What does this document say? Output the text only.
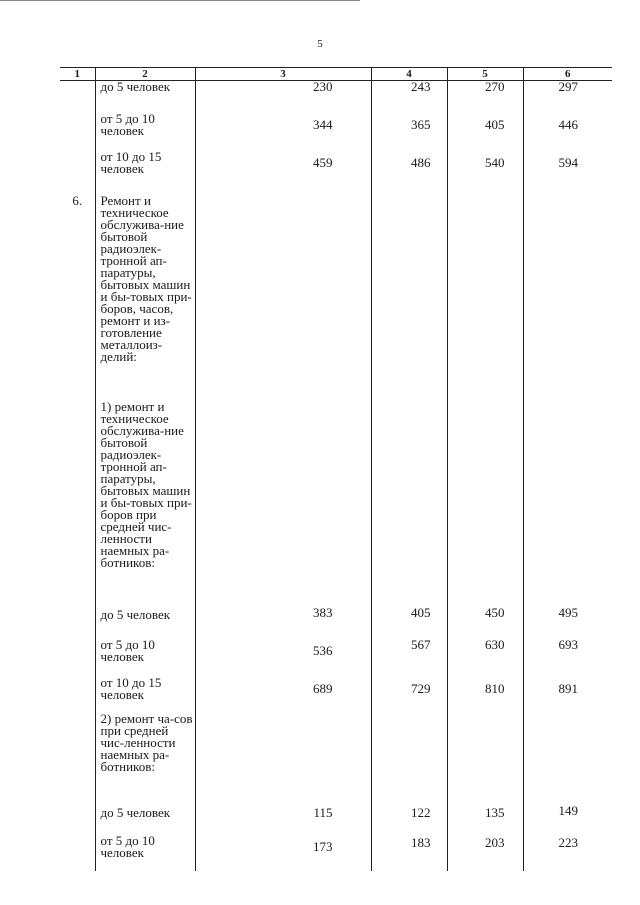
5
1	2	3	4	5	6
	до 5 человек	230	243	270	297
	от 5 до 10 человек	344	365	405	446
	от 10 до 15 человек	459	486	540	594
6.	Ремонт и техническое обслужива-ние бытовой радиоэлек-тронной ап-паратуры, бытовых машин и бы-товых при-боров, часов, ремонт и из-готовление металлоиз-делий:				
	1) ремонт и техническое обслужива-ние бытовой радиоэлек-тронной ап-паратуры, бытовых машин и бы-товых при-боров при средней чис-ленности наемных ра-ботников:				
	до 5 человек	383	405	450	495
	от 5 до 10 человек	536	567	630	693
	от 10 до 15 человек	689	729	810	891
	2) ремонт ча-сов при средней чис-ленности наемных ра-ботников:				
	до 5 человек	115	122	135	149
	от 5 до 10 человек	173	183	203	223
